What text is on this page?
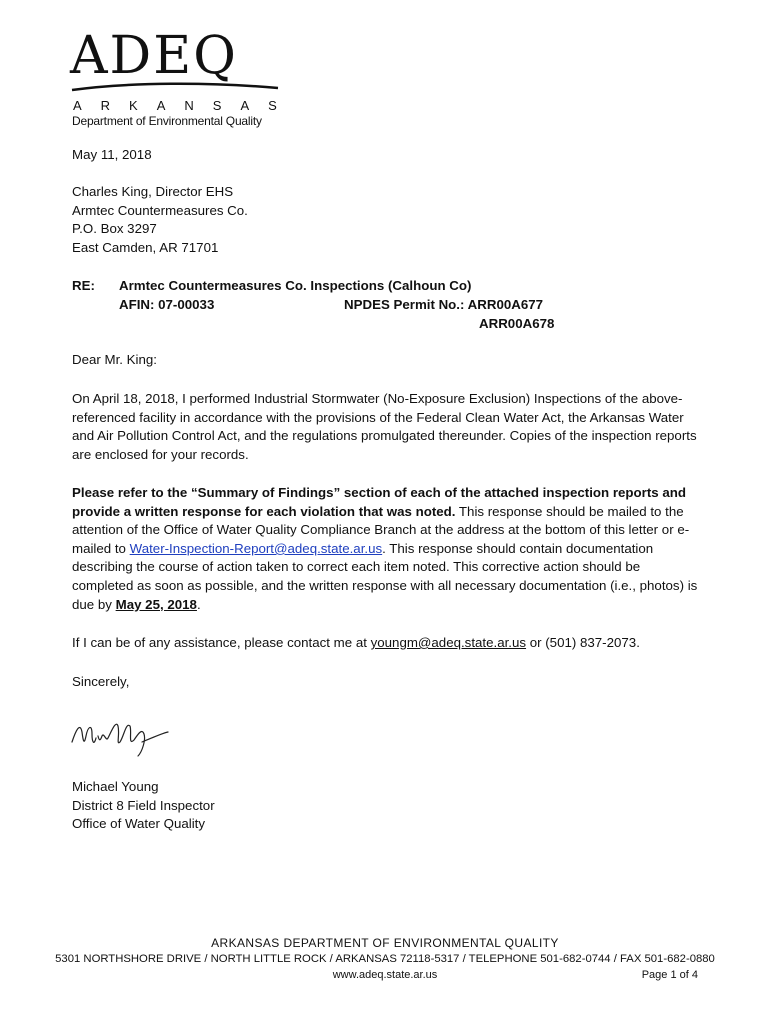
ADEQ
ARKANSAS
Department of Environmental Quality
May 11, 2018
Charles King, Director EHS
Armtec Countermeasures Co.
P.O. Box 3297
East Camden, AR 71701
RE: Armtec Countermeasures Co. Inspections (Calhoun Co)
AFIN: 07-00033	NPDES Permit No.: ARR00A677
ARR00A678
Dear Mr. King:

On April 18, 2018, I performed Industrial Stormwater (No-Exposure Exclusion) Inspections of the above-referenced facility in accordance with the provisions of the Federal Clean Water Act, the Arkansas Water and Air Pollution Control Act, and the regulations promulgated thereunder. Copies of the inspection reports are enclosed for your records.

Please refer to the “Summary of Findings” section of each of the attached inspection reports and provide a written response for each violation that was noted. This response should be mailed to the attention of the Office of Water Quality Compliance Branch at the address at the bottom of this letter or e-mailed to Water-Inspection-Report@adeq.state.ar.us. This response should contain documentation describing the course of action taken to correct each item noted. This corrective action should be completed as soon as possible, and the written response with all necessary documentation (i.e., photos) is due by May 25, 2018.

If I can be of any assistance, please contact me at youngm@adeq.state.ar.us or (501) 837-2073.

Sincerely,
Michael Young
District 8 Field Inspector
Office of Water Quality
ARKANSAS DEPARTMENT OF ENVIRONMENTAL QUALITY
5301 NORTHSHORE DRIVE / NORTH LITTLE ROCK / ARKANSAS 72118-5317 / TELEPHONE 501-682-0744 / FAX 501-682-0880
www.adeq.state.ar.us	Page 1 of 4
